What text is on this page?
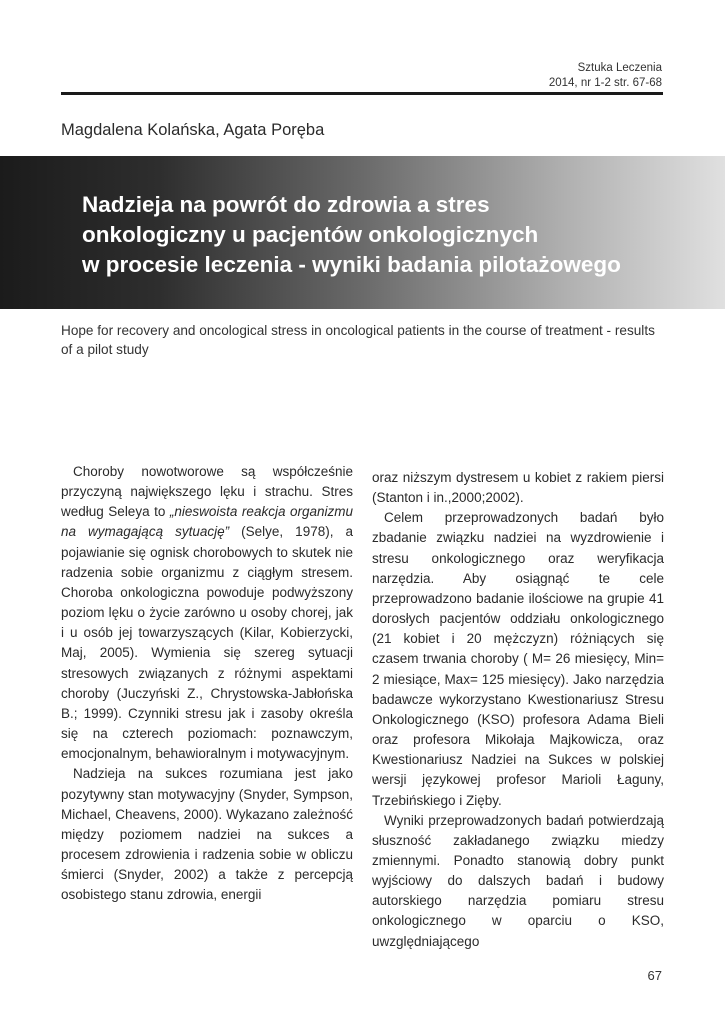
Sztuka Leczenia
2014, nr 1-2 str. 67-68
Magdalena Kolańska, Agata Poręba
Nadzieja na powrót do zdrowia a stres
onkologiczny u pacjentów onkologicznych
w procesie leczenia - wyniki badania pilotażowego

Hope for recovery and oncological stress in oncological patients in the course of treatment - results of a pilot study

Choroby nowotworowe są współcześnie przyczyną największego lęku i strachu. Stres według Seleya to „nieswoista reakcja organizmu na wymagającą sytuację” (Selye, 1978), a pojawianie się ognisk chorobowych to skutek nie radzenia sobie organizmu z ciągłym stresem. Choroba onkologiczna powoduje podwyższony poziom lęku o życie zarówno u osoby chorej, jak i u osób jej towarzyszących (Kilar, Kobierzycki, Maj, 2005). Wymienia się szereg sytuacji stresowych związanych z różnymi aspektami choroby (Juczyński Z., Chrystowska-Jabłońska B.; 1999). Czynniki stresu jak i zasoby określa się na czterech poziomach: poznawczym, emocjonalnym, behawioralnym i motywacyjnym.

Nadzieja na sukces rozumiana jest jako pozytywny stan motywacyjny (Snyder, Sympson, Michael, Cheavens, 2000). Wykazano zależność między poziomem nadziei na sukces a procesem zdrowienia i radzenia sobie w obliczu śmierci (Snyder, 2002) a także z percepcją osobistego stanu zdrowia, energii

oraz niższym dystresem u kobiet z rakiem piersi (Stanton i in.,2000;2002).

Celem przeprowadzonych badań było zbadanie związku nadziei na wyzdrowienie i stresu onkologicznego oraz weryfikacja narzędzia. Aby osiągnąć te cele przeprowadzono badanie ilościowe na grupie 41 dorosłych pacjentów oddziału onkologicznego (21 kobiet i 20 mężczyzn) różniących się czasem trwania choroby ( M= 26 miesięcy, Min= 2 miesiące, Max= 125 miesięcy). Jako narzędzia badawcze wykorzystano Kwestionariusz Stresu Onkologicznego (KSO) profesora Adama Bieli oraz profesora Mikołaja Majkowicza, oraz Kwestionariusz Nadziei na Sukces w polskiej wersji językowej profesor Marioli Łaguny, Trzebińskiego i Zięby.

Wyniki przeprowadzonych badań potwierdzają słuszność zakładanego związku miedzy zmiennymi. Ponadto stanowią dobry punkt wyjściowy do dalszych badań i budowy autorskiego narzędzia pomiaru stresu onkologicznego w oparciu o KSO, uwzględniającego

67
